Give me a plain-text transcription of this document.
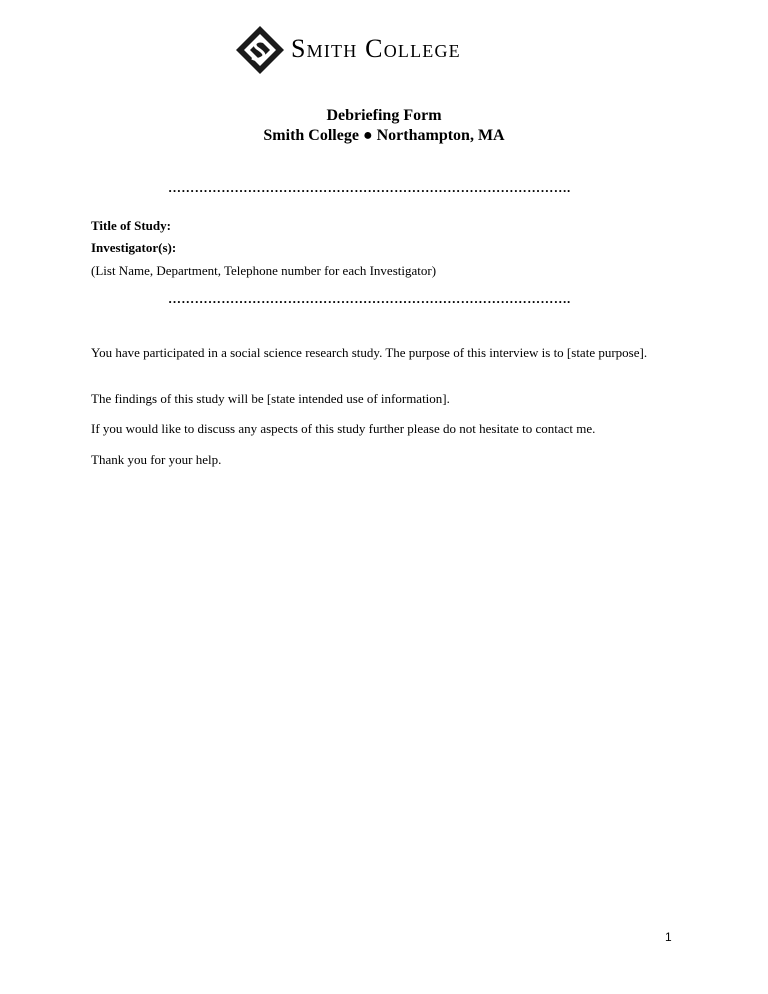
Smith College
Debriefing Form
Smith College ● Northampton, MA
……………………………………………………………………………….
Title of Study:
Investigator(s):
(List Name, Department, Telephone number for each Investigator)
……………………………………………………………………………….
You have participated in a social science research study. The purpose of this interview is to [state purpose].
The findings of this study will be [state intended use of information].
If you would like to discuss any aspects of this study further please do not hesitate to contact me.
Thank you for your help.
1
